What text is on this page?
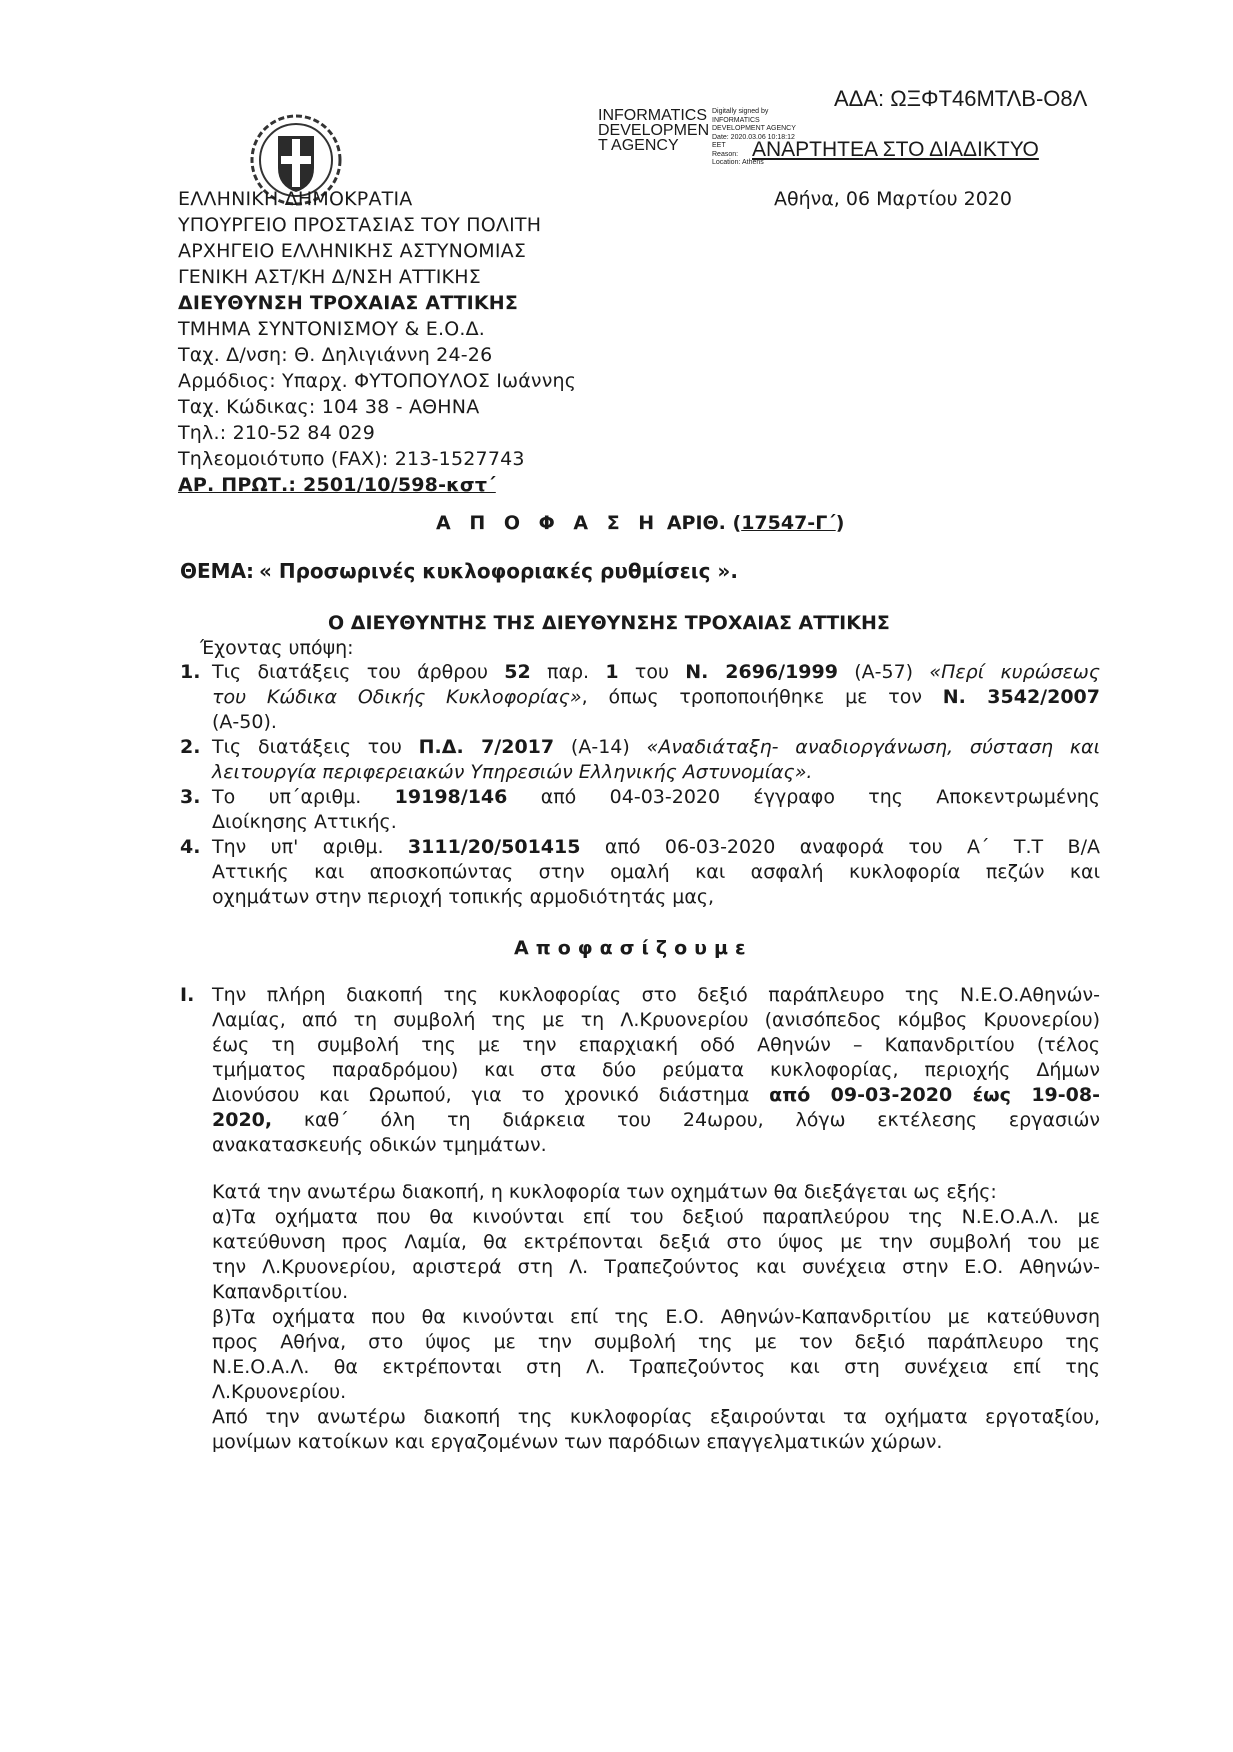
INFORMATICS
DEVELOPMEN
T AGENCY
Digitally signed by
INFORMATICS
DEVELOPMENT AGENCY
Date: 2020.03.06 10:18:12
EET
Reason:
Location: Athens
ΑΔΑ: ΩΞΦΤ46ΜΤΛΒ-Ο8Λ
ΑΝΑΡΤΗΤΕΑ ΣΤΟ ΔΙΑΔΙΚΤΥΟ
Αθήνα, 06 Μαρτίου 2020
ΕΛΛΗΝΙΚΗ ΔΗΜΟΚΡΑΤΙΑ
ΥΠΟΥΡΓΕΙΟ ΠΡΟΣΤΑΣΙΑΣ ΤΟΥ ΠΟΛΙΤΗ
ΑΡΧΗΓΕΙΟ ΕΛΛΗΝΙΚΗΣ ΑΣΤΥΝΟΜΙΑΣ
ΓΕΝΙΚΗ ΑΣΤ/ΚΗ Δ/ΝΣΗ ΑΤΤΙΚΗΣ
ΔΙΕΥΘΥΝΣΗ ΤΡΟΧΑΙΑΣ ΑΤΤΙΚΗΣ
ΤΜΗΜΑ ΣΥΝΤΟΝΙΣΜΟΥ & Ε.Ο.Δ.
Ταχ. Δ/νση: Θ. Δηλιγιάννη 24-26
Αρμόδιος: Υπαρχ. ΦΥΤΟΠΟΥΛΟΣ Ιωάννης
Ταχ. Κώδικας: 104 38 - ΑΘΗΝΑ
Τηλ.: 210-52 84 029
Τηλεομοιότυπο (FAX): 213-1527743
ΑΡ. ΠΡΩΤ.: 2501/10/598-κστ΄
Α Π Ο Φ Α Σ Η ΑΡΙΘ. (17547-Γ΄)
ΘΕΜΑ: « Προσωρινές κυκλοφοριακές ρυθμίσεις ».
Ο ΔΙΕΥΘΥΝΤΗΣ ΤΗΣ ΔΙΕΥΘΥΝΣΗΣ ΤΡΟΧΑΙΑΣ ΑΤΤΙΚΗΣ
Έχοντας υπόψη:
1. Τις διατάξεις του άρθρου 52 παρ. 1 του Ν. 2696/1999 (Α-57) «Περί κυρώσεως
του Κώδικα Οδικής Κυκλοφορίας», όπως τροποποιήθηκε με τον Ν. 3542/2007
(Α-50).
2. Τις διατάξεις του Π.Δ. 7/2017 (Α-14) «Αναδιάταξη- αναδιοργάνωση, σύσταση και
λειτουργία περιφερειακών Υπηρεσιών Ελληνικής Αστυνομίας».
3. Το υπ΄αριθμ. 19198/146 από 04-03-2020 έγγραφο της Αποκεντρωμένης
Διοίκησης Αττικής.
4. Την υπ' αριθμ. 3111/20/501415 από 06-03-2020 αναφορά του Α΄ Τ.Τ Β/Α
Αττικής και αποσκοπώντας στην ομαλή και ασφαλή κυκλοφορία πεζών και
οχημάτων στην περιοχή τοπικής αρμοδιότητάς μας,
Αποφασίζουμε
I. Την πλήρη διακοπή της κυκλοφορίας στο δεξιό παράπλευρο της Ν.Ε.Ο.Αθηνών-
Λαμίας, από τη συμβολή της με τη Λ.Κρυονερίου (ανισόπεδος κόμβος Κρυονερίου)
έως τη συμβολή της με την επαρχιακή οδό Αθηνών – Καπανδριτίου (τέλος
τμήματος παραδρόμου) και στα δύο ρεύματα κυκλοφορίας, περιοχής Δήμων
Διονύσου και Ωρωπού, για το χρονικό διάστημα από 09-03-2020 έως 19-08-
2020, καθ΄ όλη τη διάρκεια του 24ωρου, λόγω εκτέλεσης εργασιών
ανακατασκευής οδικών τμημάτων.
Κατά την ανωτέρω διακοπή, η κυκλοφορία των οχημάτων θα διεξάγεται ως εξής:
α)Τα οχήματα που θα κινούνται επί του δεξιού παραπλεύρου της Ν.Ε.Ο.Α.Λ. με
κατεύθυνση προς Λαμία, θα εκτρέπονται δεξιά στο ύψος με την συμβολή του με
την Λ.Κρυονερίου, αριστερά στη Λ. Τραπεζούντος και συνέχεια στην Ε.Ο. Αθηνών-
Καπανδριτίου.
β)Τα οχήματα που θα κινούνται επί της Ε.Ο. Αθηνών-Καπανδριτίου με κατεύθυνση
προς Αθήνα, στο ύψος με την συμβολή της με τον δεξιό παράπλευρο της
Ν.Ε.Ο.Α.Λ. θα εκτρέπονται στη Λ. Τραπεζούντος και στη συνέχεια επί της
Λ.Κρυονερίου.
Από την ανωτέρω διακοπή της κυκλοφορίας εξαιρούνται τα οχήματα εργοταξίου,
μονίμων κατοίκων και εργαζομένων των παρόδιων επαγγελματικών χώρων.
